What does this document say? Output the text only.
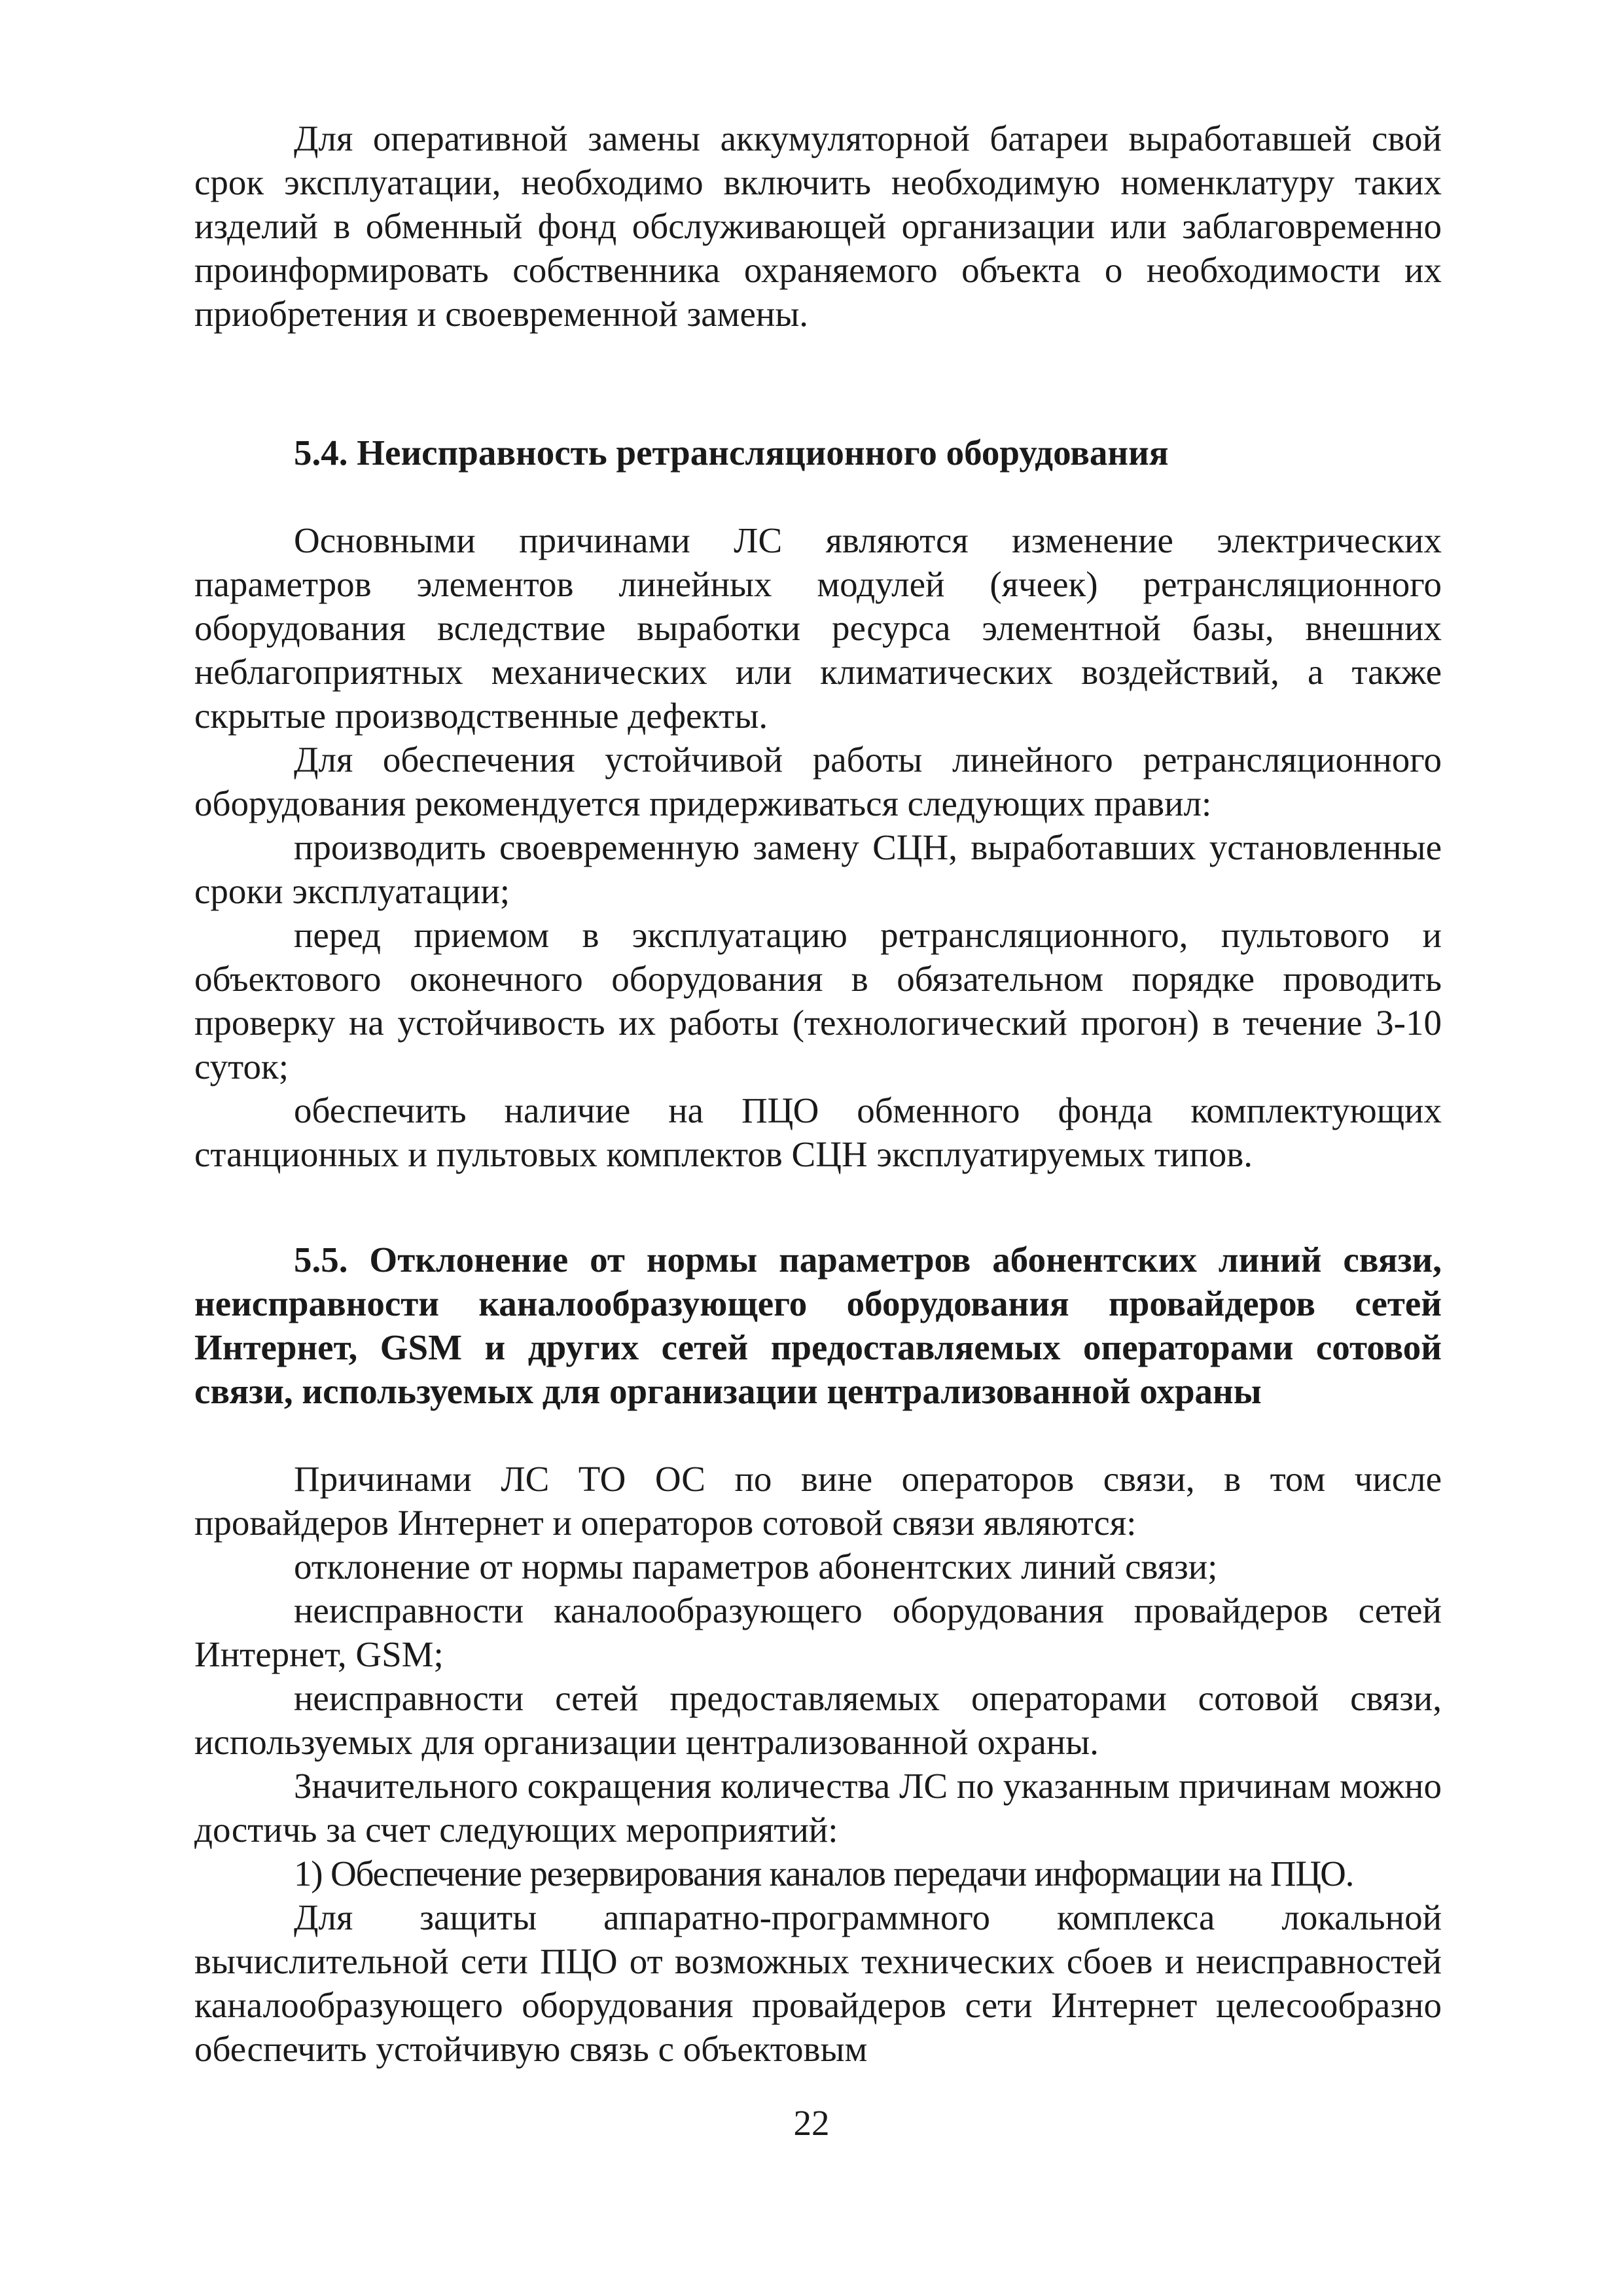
Для оперативной замены аккумуляторной батареи выработавшей свой срок эксплуатации, необходимо включить необходимую номенклатуру таких изделий в обменный фонд обслуживающей организации или заблаговременно проинформировать собственника охраняемого объекта о необходимости их приобретения и своевременной замены.

5.4. Неисправность ретрансляционного оборудования

Основными причинами ЛС являются изменение электрических параметров элементов линейных модулей (ячеек) ретрансляционного оборудования вследствие выработки ресурса элементной базы, внешних неблагоприятных механических или климатических воздействий, а также скрытые производственные дефекты.

Для обеспечения устойчивой работы линейного ретрансляционного оборудования рекомендуется придерживаться следующих правил:

производить своевременную замену СЦН, выработавших установленные сроки эксплуатации;

перед приемом в эксплуатацию ретрансляционного, пультового и объектового оконечного оборудования в обязательном порядке проводить проверку на устойчивость их работы (технологический прогон) в течение 3-10 суток;

обеспечить наличие на ПЦО обменного фонда комплектующих станционных и пультовых комплектов СЦН эксплуатируемых типов.

5.5. Отклонение от нормы параметров абонентских линий связи, неисправности каналообразующего оборудования провайдеров сетей Интернет, GSM и других сетей предоставляемых операторами сотовой связи, используемых для организации централизованной охраны

Причинами ЛС ТО ОС по вине операторов связи, в том числе провайдеров Интернет и операторов сотовой связи являются:

отклонение от нормы параметров абонентских линий связи;

неисправности каналообразующего оборудования провайдеров сетей Интернет, GSM;

неисправности сетей предоставляемых операторами сотовой связи, используемых для организации централизованной охраны.

Значительного сокращения количества ЛС по указанным причинам можно достичь за счет следующих мероприятий:

1) Обеспечение резервирования каналов передачи информации на ПЦО.

Для защиты аппаратно-программного комплекса локальной вычислительной сети ПЦО от возможных технических сбоев и неисправностей каналообразующего оборудования провайдеров сети Интернет целесообразно обеспечить устойчивую связь с объектовым

22
